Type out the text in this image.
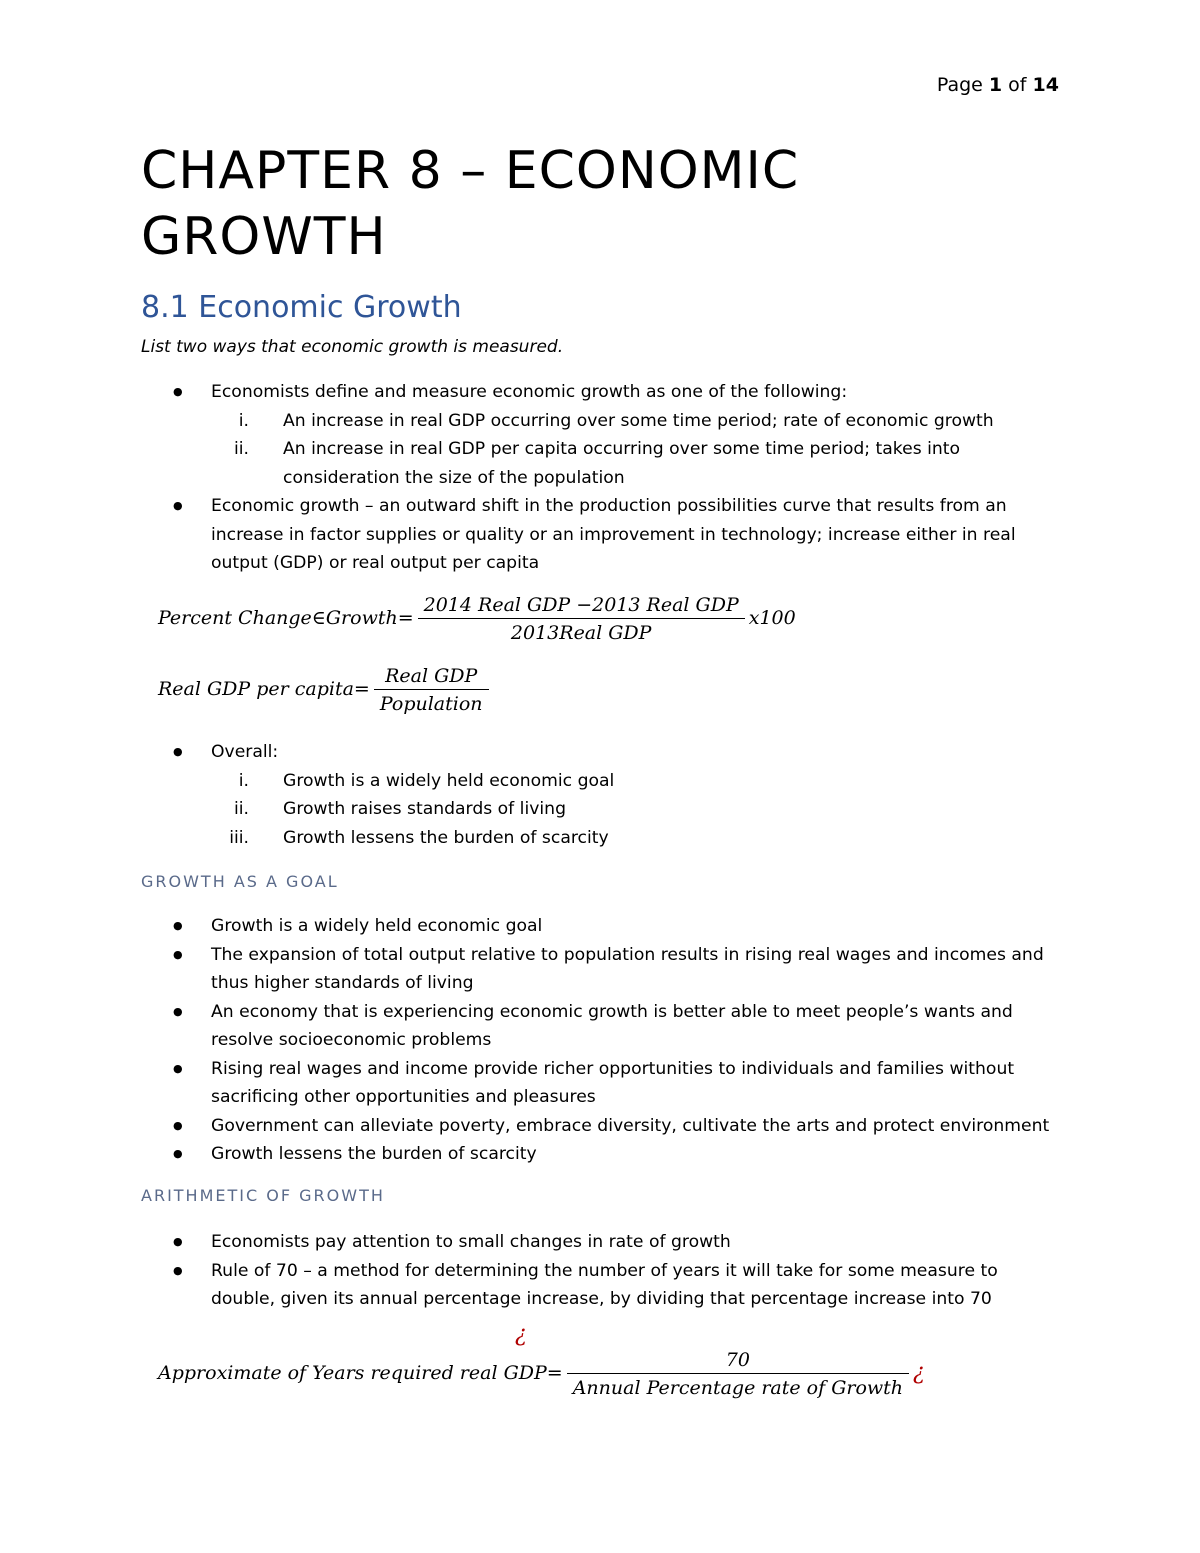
Page 1 of 14
CHAPTER 8 – ECONOMIC GROWTH
8.1 Economic Growth
List two ways that economic growth is measured.
● Economists define and measure economic growth as one of the following:
i. An increase in real GDP occurring over some time period; rate of economic growth
ii. An increase in real GDP per capita occurring over some time period; takes into consideration the size of the population
● Economic growth – an outward shift in the production possibilities curve that results from an increase in factor supplies or quality or an improvement in technology; increase either in real output (GDP) or real output per capita
Percent Change∈Growth= $\frac{\text{2014 Real GDP −2013 Real GDP}}{\text{2013Real GDP}} x100$
Real GDP per capita= $\frac{\text{Real GDP}}{\text{Population}}$
● Overall:
i. Growth is a widely held economic goal
ii. Growth raises standards of living
iii. Growth lessens the burden of scarcity
GROWTH AS A GOAL
● Growth is a widely held economic goal
● The expansion of total output relative to population results in rising real wages and incomes and thus higher standards of living
● An economy that is experiencing economic growth is better able to meet people’s wants and resolve socioeconomic problems
● Rising real wages and income provide richer opportunities to individuals and families without sacrificing other opportunities and pleasures
● Government can alleviate poverty, embrace diversity, cultivate the arts and protect environment
● Growth lessens the burden of scarcity
ARITHMETIC OF GROWTH
● Economists pay attention to small changes in rate of growth
● Rule of 70 – a method for determining the number of years it will take for some measure to double, given its annual percentage increase, by dividing that percentage increase into 70
¿
Approximate of Years required real $GDP= \frac{70}{\text{Annual Percentage rate of Growth}}$ ¿
